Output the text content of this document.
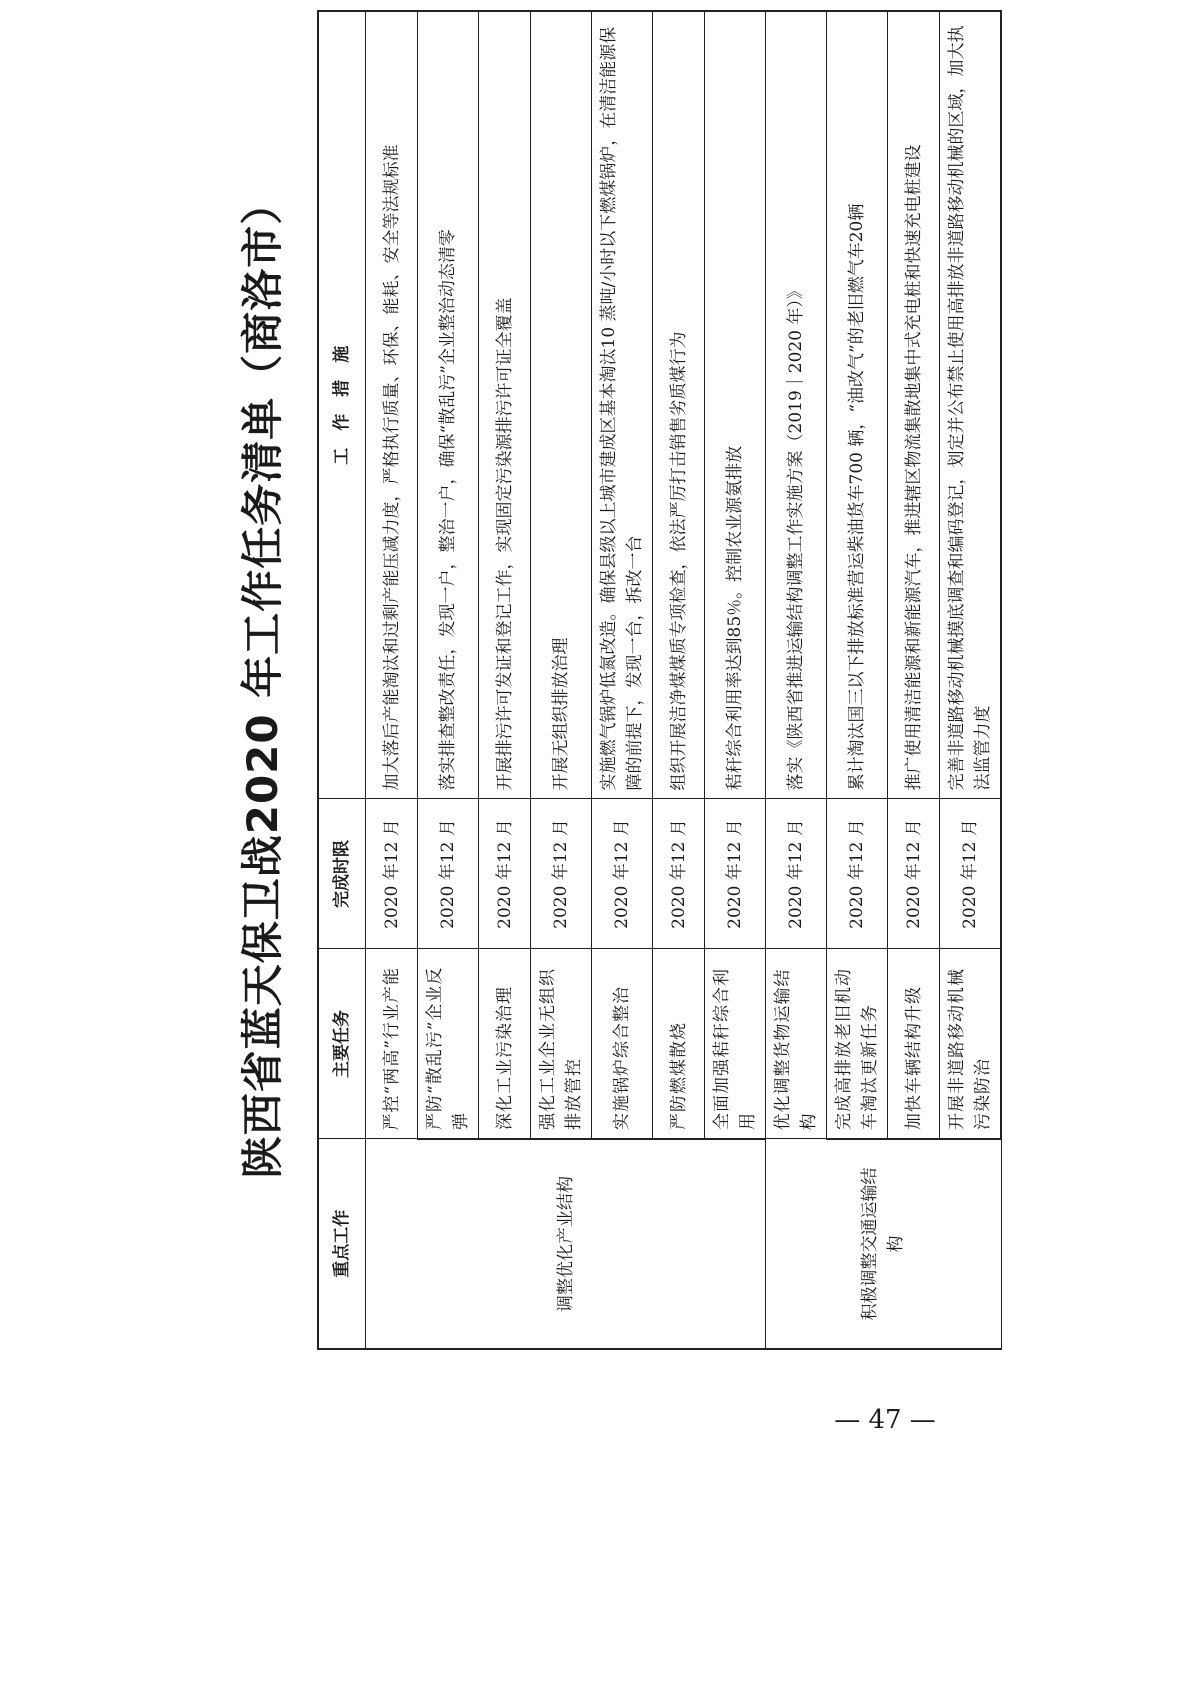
陕西省蓝天保卫战2020 年工作任务清单（商洛市）
重点工作	主要任务	完成时限	工　作　措　施
调整优化产业结构	严控“两高”行业产能	2020 年12 月	加大落后产能淘汰和过剩产能压减力度，严格执行质量、环保、能耗、安全等法规标准
	严防“散乱污”企业反弹	2020 年12 月	落实排查整改责任，发现一户，整治一户，确保“散乱污”企业整治动态清零
	深化工业污染治理	2020 年12 月	开展排污许可发证和登记工作，实现固定污染源排污许可证全覆盖
	强化工业企业无组织排放管控	2020 年12 月	开展无组织排放治理
	实施锅炉综合整治	2020 年12 月	实施燃气锅炉低氮改造。确保县级以上城市建成区基本淘汰10 蒸吨/小时以下燃煤锅炉，在清洁能源保障的前提下，发现一台，拆改一台
	严防燃煤散烧	2020 年12 月	组织开展洁净煤煤质专项检查，依法严厉打击销售劣质煤行为
	全面加强秸秆综合利用	2020 年12 月	秸秆综合利用率达到85％。控制农业源氨排放
积极调整交通运输结构	优化调整货物运输结构	2020 年12 月	落实《陕西省推进运输结构调整工作实施方案（2019｜2020 年）》
	完成高排放老旧机动车淘汰更新任务	2020 年12 月	累计淘汰国三以下排放标准营运柴油货车700 辆，“油改气”的老旧燃气车20辆
	加快车辆结构升级	2020 年12 月	推广使用清洁能源和新能源汽车，推进辖区物流集散地集中式充电桩和快速充电桩建设
	开展非道路移动机械污染防治	2020 年12 月	完善非道路移动机械摸底调查和编码登记，划定并公布禁止使用高排放非道路移动机械的区域，加大执法监管力度
— 47 —
